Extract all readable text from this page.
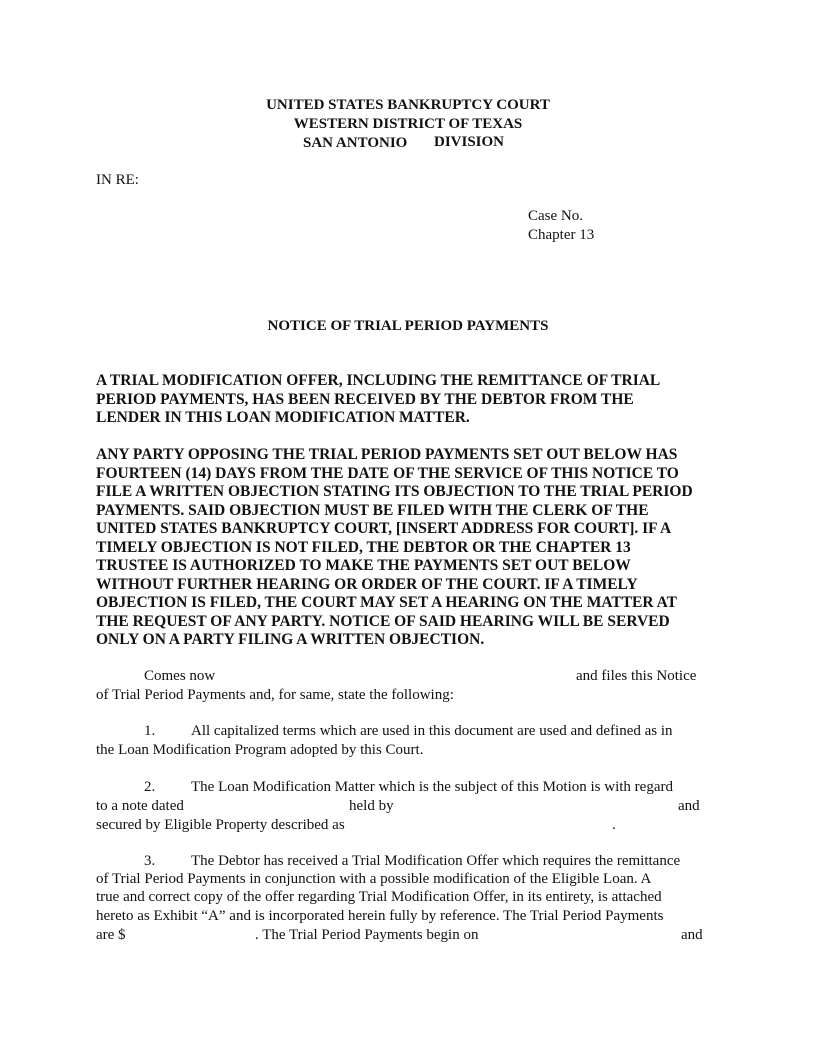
UNITED STATES BANKRUPTCY COURT
WESTERN DISTRICT OF TEXAS
SAN ANTONIO DIVISION
IN RE:
Case No.
Chapter 13
NOTICE OF TRIAL PERIOD PAYMENTS
A TRIAL MODIFICATION OFFER, INCLUDING THE REMITTANCE OF TRIAL
PERIOD PAYMENTS, HAS BEEN RECEIVED BY THE DEBTOR FROM THE
LENDER IN THIS LOAN MODIFICATION MATTER.
ANY PARTY OPPOSING THE TRIAL PERIOD PAYMENTS SET OUT BELOW HAS
FOURTEEN (14) DAYS FROM THE DATE OF THE SERVICE OF THIS NOTICE TO
FILE A WRITTEN OBJECTION STATING ITS OBJECTION TO THE TRIAL PERIOD
PAYMENTS. SAID OBJECTION MUST BE FILED WITH THE CLERK OF THE
UNITED STATES BANKRUPTCY COURT, [INSERT ADDRESS FOR COURT]. IF A
TIMELY OBJECTION IS NOT FILED, THE DEBTOR OR THE CHAPTER 13
TRUSTEE IS AUTHORIZED TO MAKE THE PAYMENTS SET OUT BELOW
WITHOUT FURTHER HEARING OR ORDER OF THE COURT. IF A TIMELY
OBJECTION IS FILED, THE COURT MAY SET A HEARING ON THE MATTER AT
THE REQUEST OF ANY PARTY. NOTICE OF SAID HEARING WILL BE SERVED
ONLY ON A PARTY FILING A WRITTEN OBJECTION.
Comes now	and files this Notice
of Trial Period Payments and, for same, state the following:
1. All capitalized terms which are used in this document are used and defined as in
the Loan Modification Program adopted by this Court.
2. The Loan Modification Matter which is the subject of this Motion is with regard
to a note dated	held by	and
secured by Eligible Property described as	.
3. The Debtor has received a Trial Modification Offer which requires the remittance
of Trial Period Payments in conjunction with a possible modification of the Eligible Loan. A
true and correct copy of the offer regarding Trial Modification Offer, in its entirety, is attached
hereto as Exhibit “A” and is incorporated herein fully by reference. The Trial Period Payments
are $	. The Trial Period Payments begin on	and
